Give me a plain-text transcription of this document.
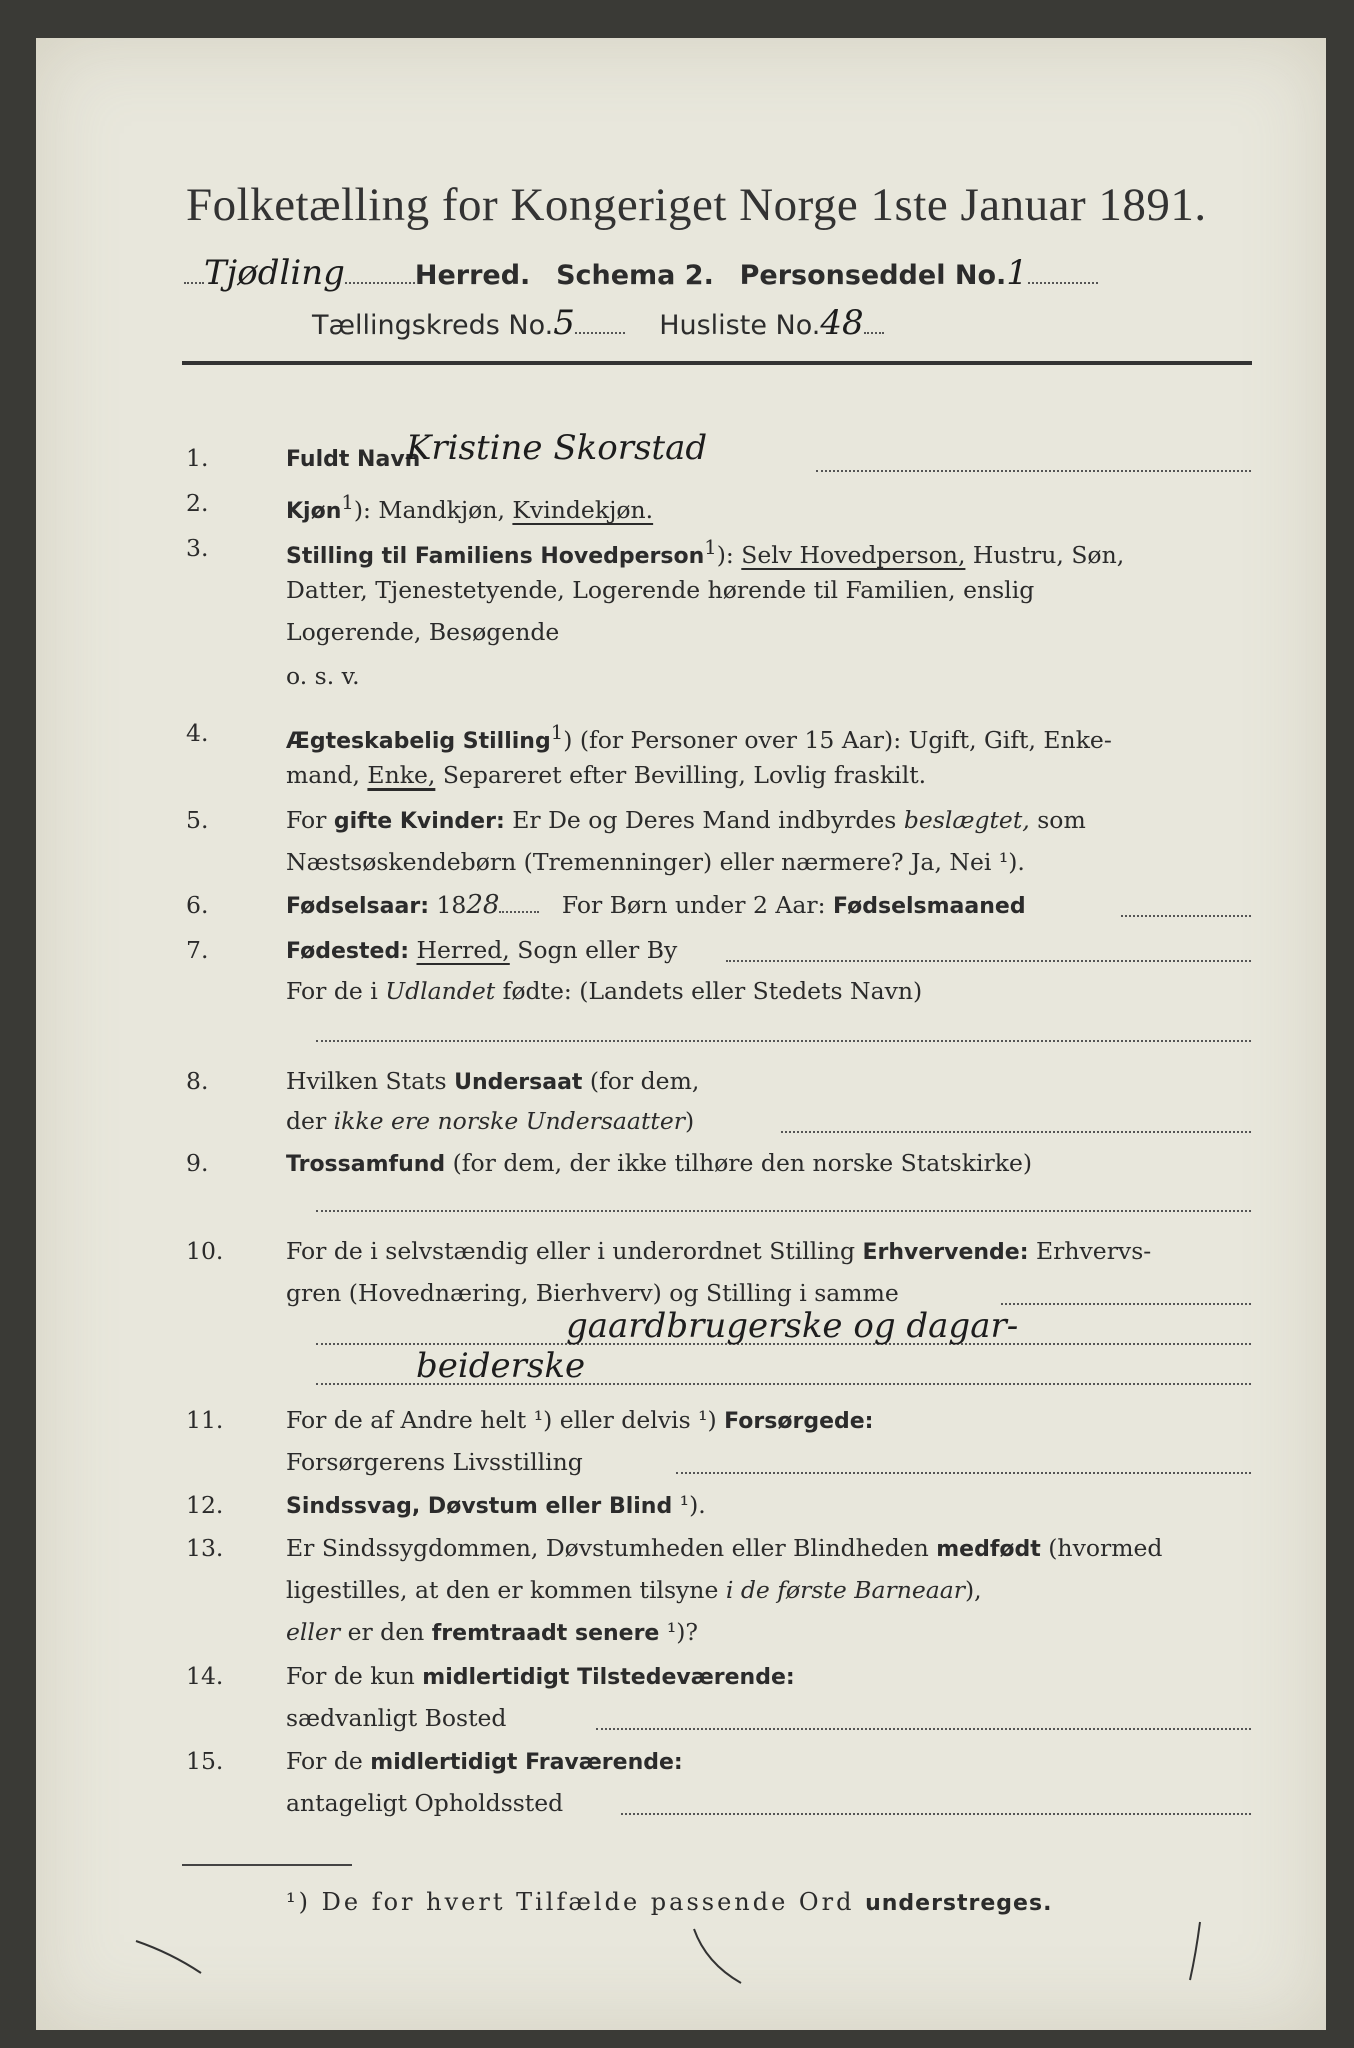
Folketælling for Kongeriget Norge 1ste Januar 1891.
Tjødling	Herred. Schema 2. Personseddel No.1
Tællingskreds No.5	Husliste No.48
1.	Fuldt Navn
Kristine Skorstad
2.	Kjøn$^1$): Mandkjøn, Kvindekjøn.
3.	Stilling til Familiens Hovedperson$^1$): Selv Hovedperson, Hustru, Søn,
Datter, Tjenestetyende, Logerende hørende til Familien, enslig
Logerende, Besøgende
o. s. v.
4.	Ægteskabelig Stilling$^1$) (for Personer over 15 Aar): Ugift, Gift, Enke-
mand, Enke, Separeret efter Bevilling, Lovlig fraskilt.
5.	For gifte Kvinder: Er De og Deres Mand indbyrdes beslægtet, som
Næstsøskendebørn (Tremenninger) eller nærmere? Ja, Nei ¹).
6.	Fødselsaar: 1828	For Børn under 2 Aar: Fødselsmaaned
7.	Fødested: Herred, Sogn eller By
For de i Udlandet fødte: (Landets eller Stedets Navn)
8.	Hvilken Stats Undersaat (for dem,
der ikke ere norske Undersaatter)
9.	Trossamfund (for dem, der ikke tilhøre den norske Statskirke)
10.	For de i selvstændig eller i underordnet Stilling Erhvervende: Erhvervs-
gren (Hovednæring, Bierhverv) og Stilling i samme
gaardbrugerske og dagar-
beiderske
11.	For de af Andre helt ¹) eller delvis ¹) Forsørgede:
Forsørgerens Livsstilling
12.	Sindssvag, Døvstum eller Blind ¹).
13.	Er Sindssygdommen, Døvstumheden eller Blindheden medfødt (hvormed
ligestilles, at den er kommen tilsyne i de første Barneaar),
eller er den fremtraadt senere ¹)?
14.	For de kun midlertidigt Tilstedeværende:
sædvanligt Bosted
15.	For de midlertidigt Fraværende:
antageligt Opholdssted
¹) De for hvert Tilfælde passende Ord understreges.
